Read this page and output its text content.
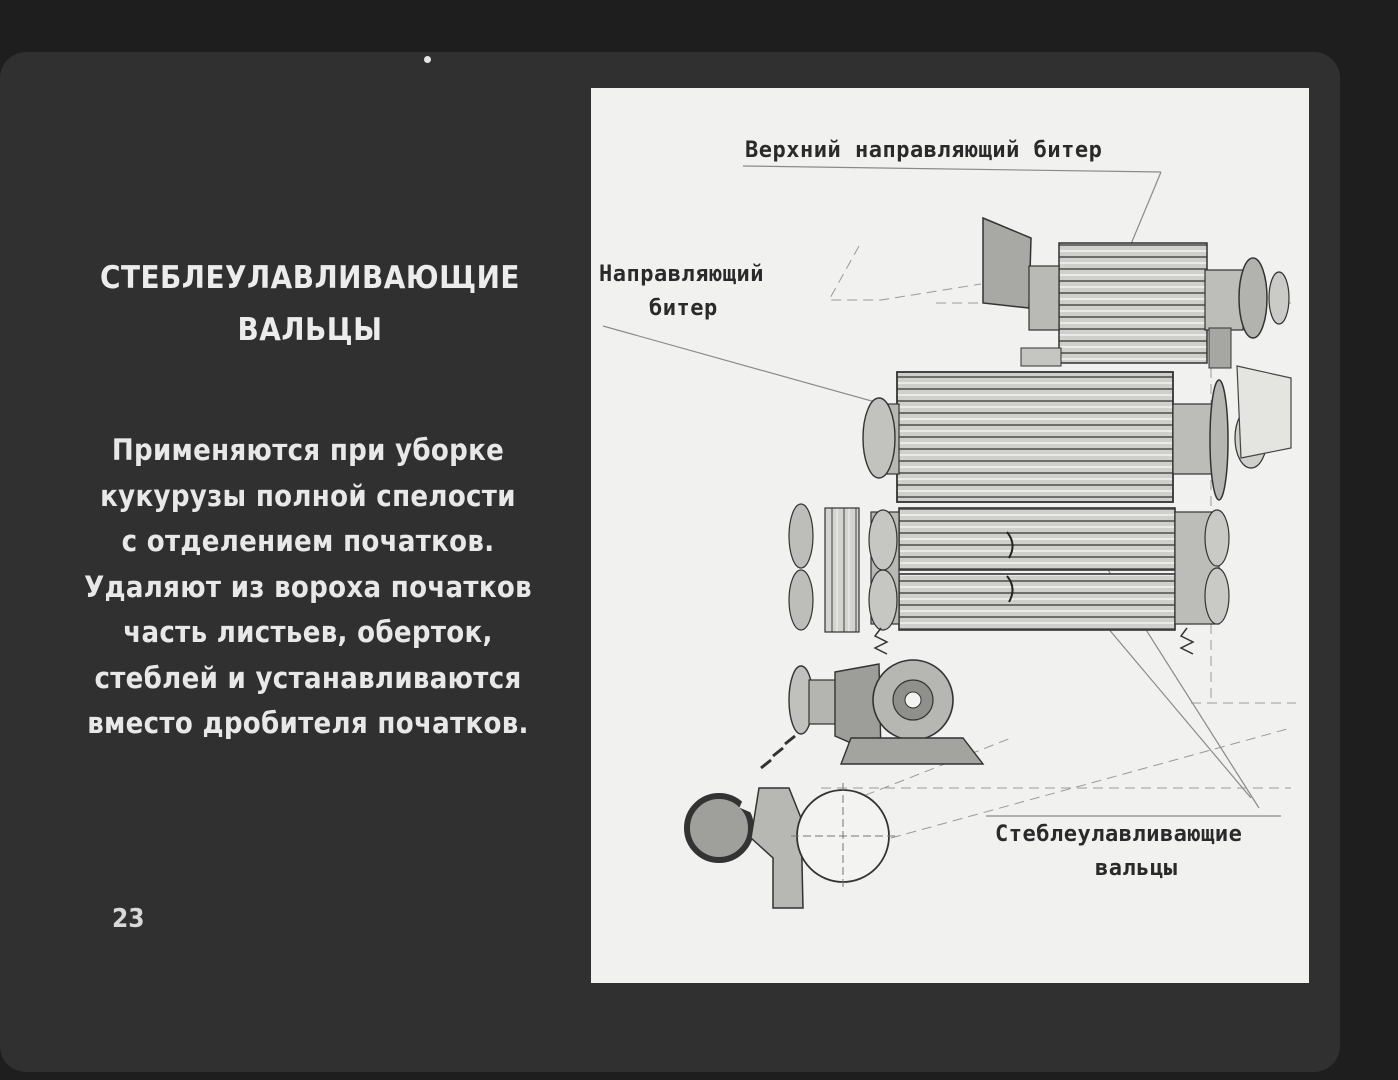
СТЕБЛЕУЛАВЛИВАЮЩИЕ
ВАЛЬЦЫ
Применяются при уборке
кукурузы полной спелости
с отделением початков.
Удаляют из вороха початков
часть листьев, оберток,
стеблей и устанавливаются
вместо дробителя початков.
23
Верхний направляющий битер
Направляющий
битер
Стеблеулавливающие
вальцы
